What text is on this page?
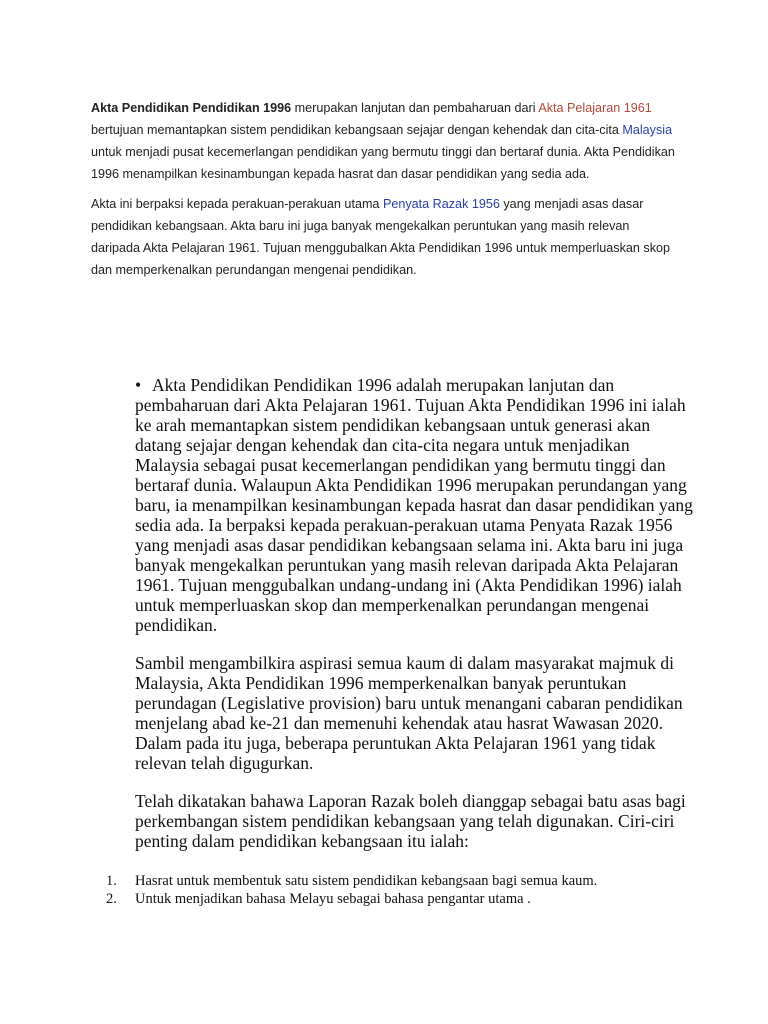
Akta Pendidikan Pendidikan 1996 merupakan lanjutan dan pembaharuan dari Akta Pelajaran 1961 bertujuan memantapkan sistem pendidikan kebangsaan sejajar dengan kehendak dan cita-cita Malaysia untuk menjadi pusat kecemerlangan pendidikan yang bermutu tinggi dan bertaraf dunia. Akta Pendidikan 1996 menampilkan kesinambungan kepada hasrat dan dasar pendidikan yang sedia ada.

Akta ini berpaksi kepada perakuan-perakuan utama Penyata Razak 1956 yang menjadi asas dasar pendidikan kebangsaan. Akta baru ini juga banyak mengekalkan peruntukan yang masih relevan daripada Akta Pelajaran 1961. Tujuan menggubalkan Akta Pendidikan 1996 untuk memperluaskan skop dan memperkenalkan perundangan mengenai pendidikan.

• Akta Pendidikan Pendidikan 1996 adalah merupakan lanjutan dan pembaharuan dari Akta Pelajaran 1961. Tujuan Akta Pendidikan 1996 ini ialah ke arah memantapkan sistem pendidikan kebangsaan untuk generasi akan datang sejajar dengan kehendak dan cita-cita negara untuk menjadikan Malaysia sebagai pusat kecemerlangan pendidikan yang bermutu tinggi dan bertaraf dunia. Walaupun Akta Pendidikan 1996 merupakan perundangan yang baru, ia menampilkan kesinambungan kepada hasrat dan dasar pendidikan yang sedia ada. Ia berpaksi kepada perakuan-perakuan utama Penyata Razak 1956 yang menjadi asas dasar pendidikan kebangsaan selama ini. Akta baru ini juga banyak mengekalkan peruntukan yang masih relevan daripada Akta Pelajaran 1961. Tujuan menggubalkan undang-undang ini (Akta Pendidikan 1996) ialah untuk memperluaskan skop dan memperkenalkan perundangan mengenai pendidikan.

Sambil mengambilkira aspirasi semua kaum di dalam masyarakat majmuk di Malaysia, Akta Pendidikan 1996 memperkenalkan banyak peruntukan perundagan (Legislative provision) baru untuk menangani cabaran pendidikan menjelang abad ke-21 dan memenuhi kehendak atau hasrat Wawasan 2020. Dalam pada itu juga, beberapa peruntukan Akta Pelajaran 1961 yang tidak relevan telah digugurkan.

Telah dikatakan bahawa Laporan Razak boleh dianggap sebagai batu asas bagi perkembangan sistem pendidikan kebangsaan yang telah digunakan. Ciri-ciri penting dalam pendidikan kebangsaan itu ialah:

1.	Hasrat untuk membentuk satu sistem pendidikan kebangsaan bagi semua kaum.
2.	Untuk menjadikan bahasa Melayu sebagai bahasa pengantar utama .
